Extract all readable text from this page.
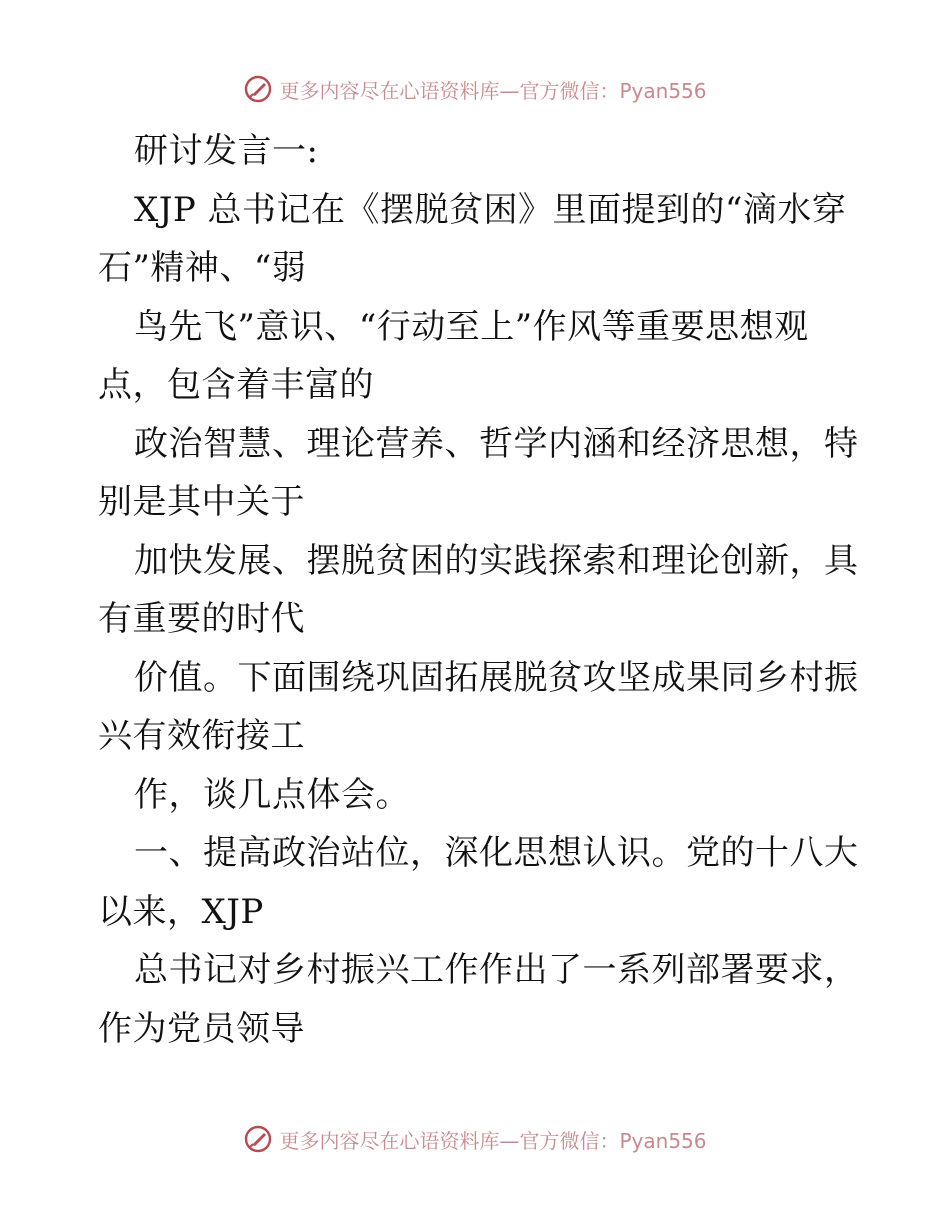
更多内容尽在心语资料库—官方微信：Pyan556
研讨发言一:
XJP 总书记在《摆脱贫困》里面提到的“滴水穿
石”精神、“弱
鸟先飞”意识、“行动至上”作风等重要思想观
点，包含着丰富的
政治智慧、理论营养、哲学内涵和经济思想，特
别是其中关于
加快发展、摆脱贫困的实践探索和理论创新，具
有重要的时代
价值。下面围绕巩固拓展脱贫攻坚成果同乡村振
兴有效衔接工
作，谈几点体会。
一、提高政治站位，深化思想认识。党的十八大
以来，XJP
总书记对乡村振兴工作作出了一系列部署要求，
作为党员领导
更多内容尽在心语资料库—官方微信：Pyan556
